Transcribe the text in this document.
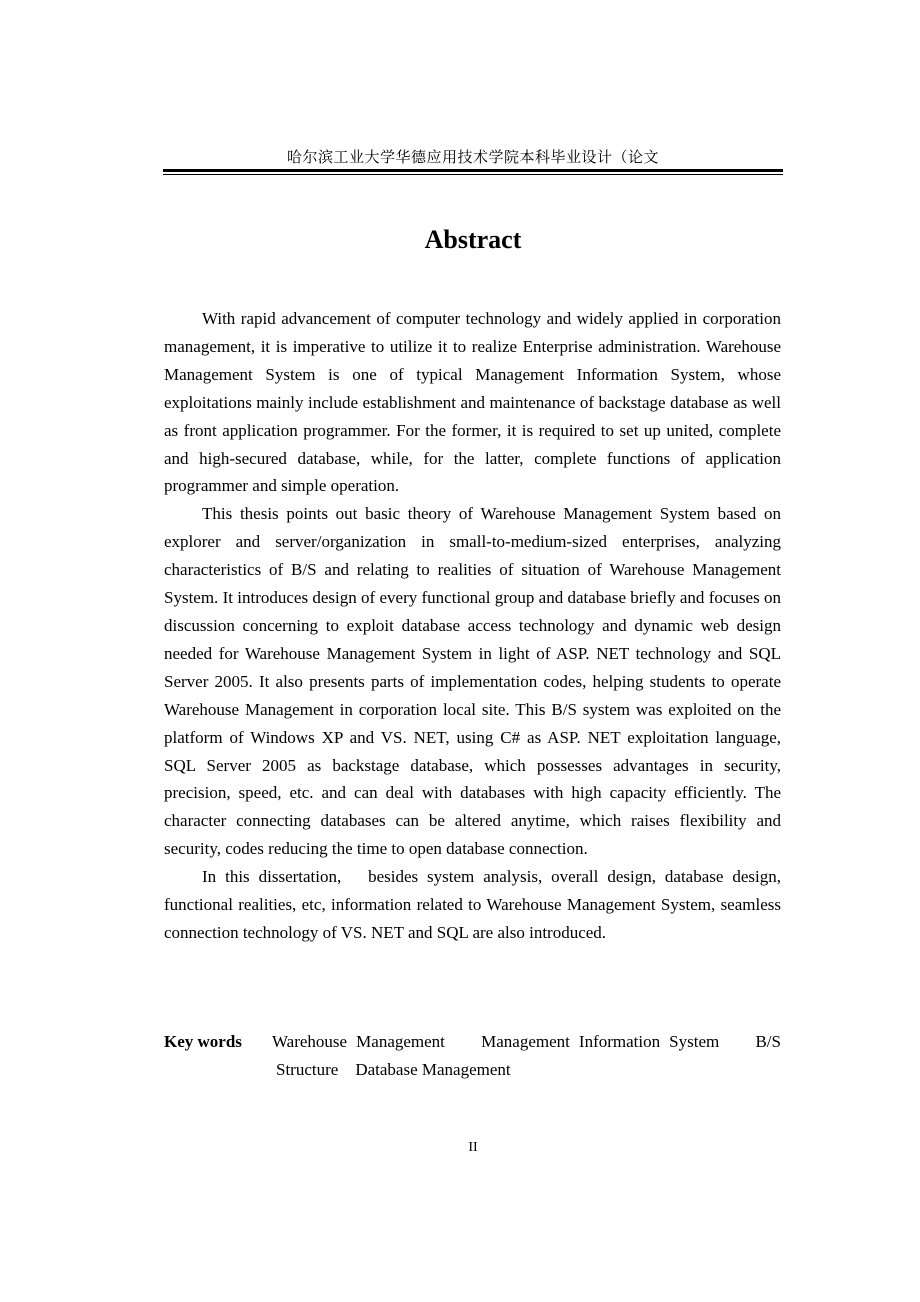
哈尔滨工业大学华德应用技术学院本科毕业设计（论文
Abstract

With rapid advancement of computer technology and widely applied in corporation management, it is imperative to utilize it to realize Enterprise administration. Warehouse Management System is one of typical Management Information System, whose exploitations mainly include establishment and maintenance of backstage database as well as front application programmer. For the former, it is required to set up united, complete and high-secured database, while, for the latter, complete functions of application programmer and simple operation.

This thesis points out basic theory of Warehouse Management System based on explorer and server/organization in small-to-medium-sized enterprises, analyzing characteristics of B/S and relating to realities of situation of Warehouse Management System. It introduces design of every functional group and database briefly and focuses on discussion concerning to exploit database access technology and dynamic web design needed for Warehouse Management System in light of ASP. NET technology and SQL Server 2005. It also presents parts of implementation codes, helping students to operate Warehouse Management in corporation local site. This B/S system was exploited on the platform of Windows XP and VS. NET, using C# as ASP. NET exploitation language, SQL Server 2005 as backstage database, which possesses advantages in security, precision, speed, etc. and can deal with databases with high capacity efficiently. The character connecting databases can be altered anytime, which raises flexibility and security, codes reducing the time to open database connection.

In this dissertation,   besides system analysis, overall design, database design, functional realities, etc, information related to Warehouse Management System, seamless connection technology of VS. NET and SQL are also introduced.

Key words Warehouse Management    Management Information System    B/S Structure    Database Management
II
